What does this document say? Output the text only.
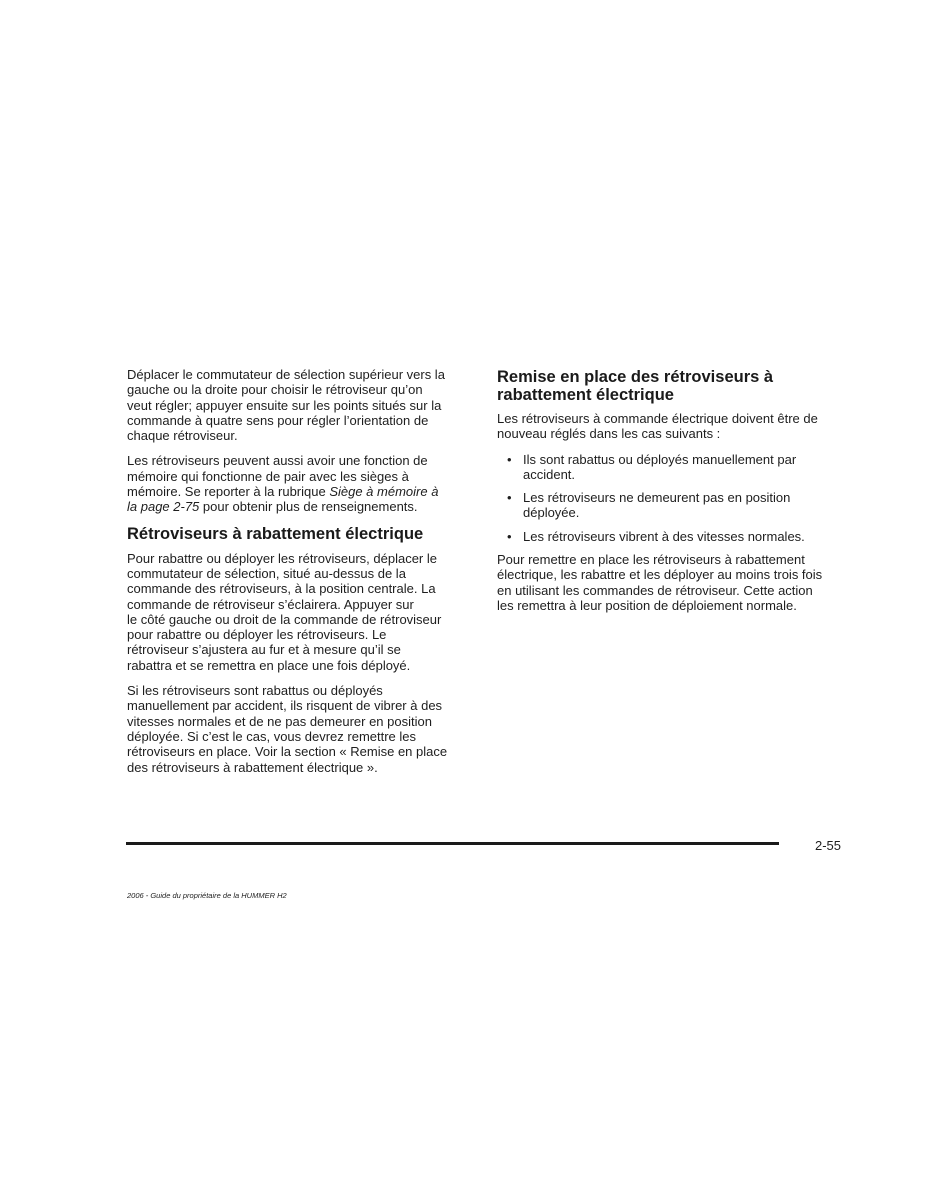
Déplacer le commutateur de sélection supérieur vers la
gauche ou la droite pour choisir le rétroviseur qu’on
veut régler; appuyer ensuite sur les points situés sur la
commande à quatre sens pour régler l’orientation de
chaque rétroviseur.

Les rétroviseurs peuvent aussi avoir une fonction de
mémoire qui fonctionne de pair avec les sièges à
mémoire. Se reporter à la rubrique Siège à mémoire à
la page 2-75 pour obtenir plus de renseignements.

Rétroviseurs à rabattement électrique

Pour rabattre ou déployer les rétroviseurs, déplacer le
commutateur de sélection, situé au-dessus de la
commande des rétroviseurs, à la position centrale. La
commande de rétroviseur s’éclairera. Appuyer sur
le côté gauche ou droit de la commande de rétroviseur
pour rabattre ou déployer les rétroviseurs. Le
rétroviseur s’ajustera au fur et à mesure qu’il se
rabattra et se remettra en place une fois déployé.

Si les rétroviseurs sont rabattus ou déployés
manuellement par accident, ils risquent de vibrer à des
vitesses normales et de ne pas demeurer en position
déployée. Si c’est le cas, vous devrez remettre les
rétroviseurs en place. Voir la section « Remise en place
des rétroviseurs à rabattement électrique ».

Remise en place des rétroviseurs à
rabattement électrique

Les rétroviseurs à commande électrique doivent être de
nouveau réglés dans les cas suivants :

• Ils sont rabattus ou déployés manuellement par
accident.
• Les rétroviseurs ne demeurent pas en position
déployée.
• Les rétroviseurs vibrent à des vitesses normales.

Pour remettre en place les rétroviseurs à rabattement
électrique, les rabattre et les déployer au moins trois fois
en utilisant les commandes de rétroviseur. Cette action
les remettra à leur position de déploiement normale.

2-55
2006 - Guide du propriétaire de la HUMMER H2
